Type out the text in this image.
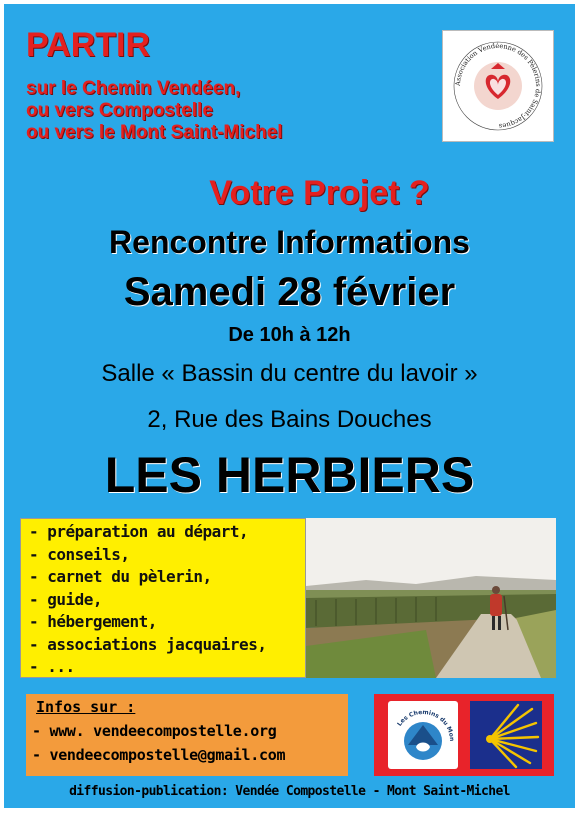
PARTIR
sur le Chemin Vendéen,
ou vers Compostelle
ou vers le Mont Saint-Michel
Association Vendéenne des Pèlerins de Saint-Jacques
Votre Projet ?
Rencontre Informations
Samedi 28 février
De 10h à 12h
Salle « Bassin du centre du lavoir »
2, Rue des Bains Douches
LES HERBIERS
- préparation au départ,
- conseils,
- carnet du pèlerin,
- guide,
- hébergement,
- associations jacquaires,
- ...
Infos sur :
- www. vendeecompostelle.org
- vendeecompostelle@gmail.com
Les Chemins du Mon
diffusion-publication: Vendée Compostelle - Mont Saint-Michel
